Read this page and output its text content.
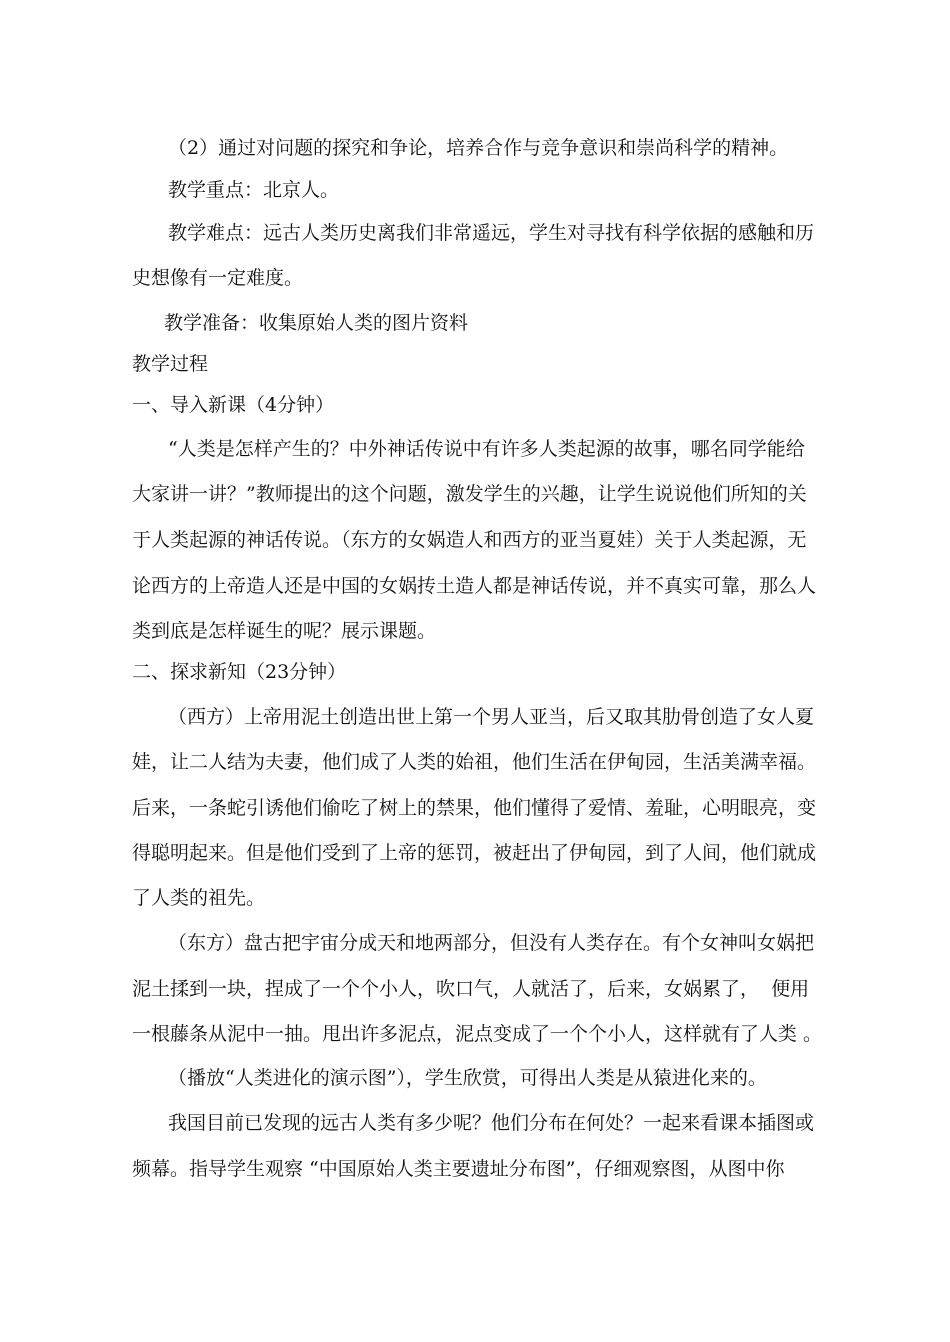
（2）通过对问题的探究和争论，培养合作与竞争意识和崇尚科学的精神。
教学重点：北京人。
教学难点：远古人类历史离我们非常遥远，学生对寻找有科学依据的感触和历
史想像有一定难度。
教学准备：收集原始人类的图片资料
教学过程
一、导入新课（4分钟）
“人类是怎样产生的？中外神话传说中有许多人类起源的故事，哪名同学能给
大家讲一讲？”教师提出的这个问题，激发学生的兴趣，让学生说说他们所知的关
于人类起源的神话传说。（东方的女娲造人和西方的亚当夏娃）关于人类起源，无
论西方的上帝造人还是中国的女娲抟土造人都是神话传说，并不真实可靠，那么人
类到底是怎样诞生的呢？展示课题。
二、探求新知（23分钟）
（西方）上帝用泥土创造出世上第一个男人亚当，后又取其肋骨创造了女人夏
娃，让二人结为夫妻，他们成了人类的始祖，他们生活在伊甸园，生活美满幸福。
后来，一条蛇引诱他们偷吃了树上的禁果，他们懂得了爱情、羞耻，心明眼亮，变
得聪明起来。但是他们受到了上帝的惩罚，被赶出了伊甸园，到了人间，他们就成
了人类的祖先。
（东方）盘古把宇宙分成天和地两部分，但没有人类存在。有个女神叫女娲把
泥土揉到一块，捏成了一个个小人，吹口气，人就活了，后来，女娲累了，  便用
一根藤条从泥中一抽。甩出许多泥点，泥点变成了一个个小人，这样就有了人类 。
（播放“人类进化的演示图”），学生欣赏，可得出人类是从猿进化来的。
我国目前已发现的远古人类有多少呢？他们分布在何处？一起来看课本插图或
频幕。指导学生观察 “中国原始人类主要遗址分布图”，仔细观察图，从图中你
